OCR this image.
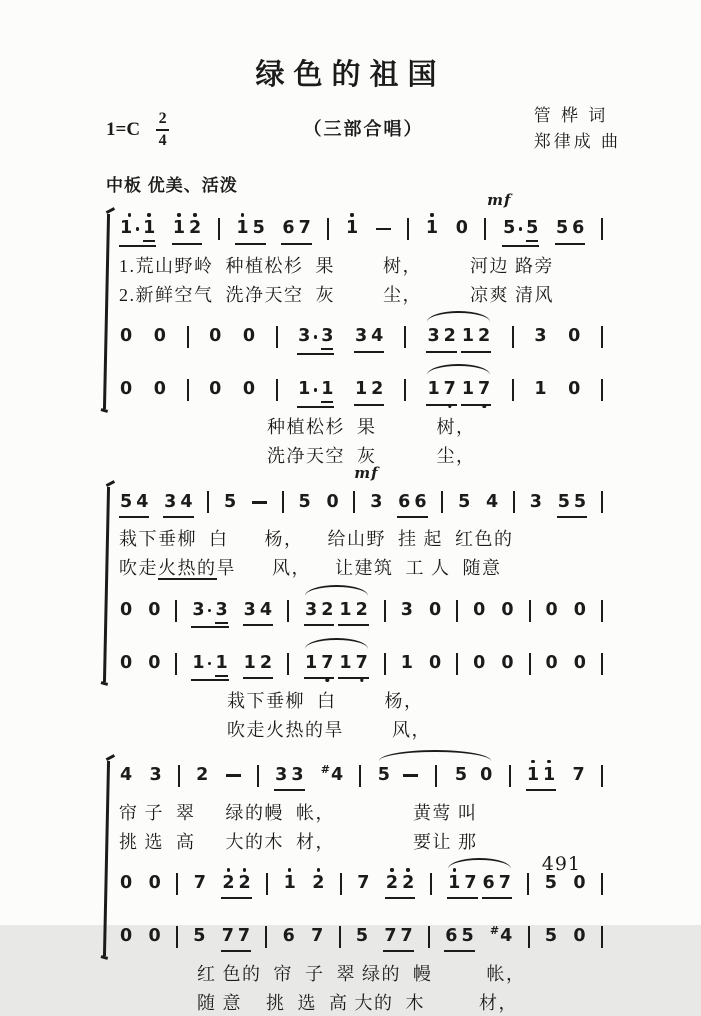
绿色的祖国
$1=C \frac{2}{4}$	（三部合唱）
管 桦 词
郑律成 曲
中板 优美、活泼
1 1 1 2 1 5 6 7 1	1 0
mf
5 5 5 6
1.荒山野岭  种植松杉  果        树，        河边 路旁
2.新鲜空气  洗净天空  灰        尘，        凉爽 清风
0 0 0 0 3 3 3 4	3 2 1 2	3 0
0 0 0 0 1 1 1 2	1 7 1 7	1 0
种植松杉  果          树，
洗净天空  灰          尘，
5 4 3 4 5	5 0
mf
3 6 6 5 4 3 5 5
栽下垂柳  白      杨，    给山野  挂 起  红色的
吹走火热的旱      风，    让建筑  工 人  随意
0 0 3 3 3 4 3 2 1 2 3 0 0 0 0 0
0 0 1 1 1 2 1 7 1 7 1 0 0 0 0 0
栽下垂柳  白        杨，
吹走火热的旱        风，
4 3 2	3 3 # 4 5	5 0 1 1 7
帘 子  翠     绿的幔  帐，             黄莺 叫
挑 选  高     大的木  材，             要让 那
0 0 7 2 2 1 2 7 2 2 1 7 6 7 5 0
0 0 5 7 7 6 7 5 7 7 6 5 # 4 5 0
红 色的  帘  子  翠 绿的  幔         帐，
随 意    挑  选  高 大的  木         材，
491
